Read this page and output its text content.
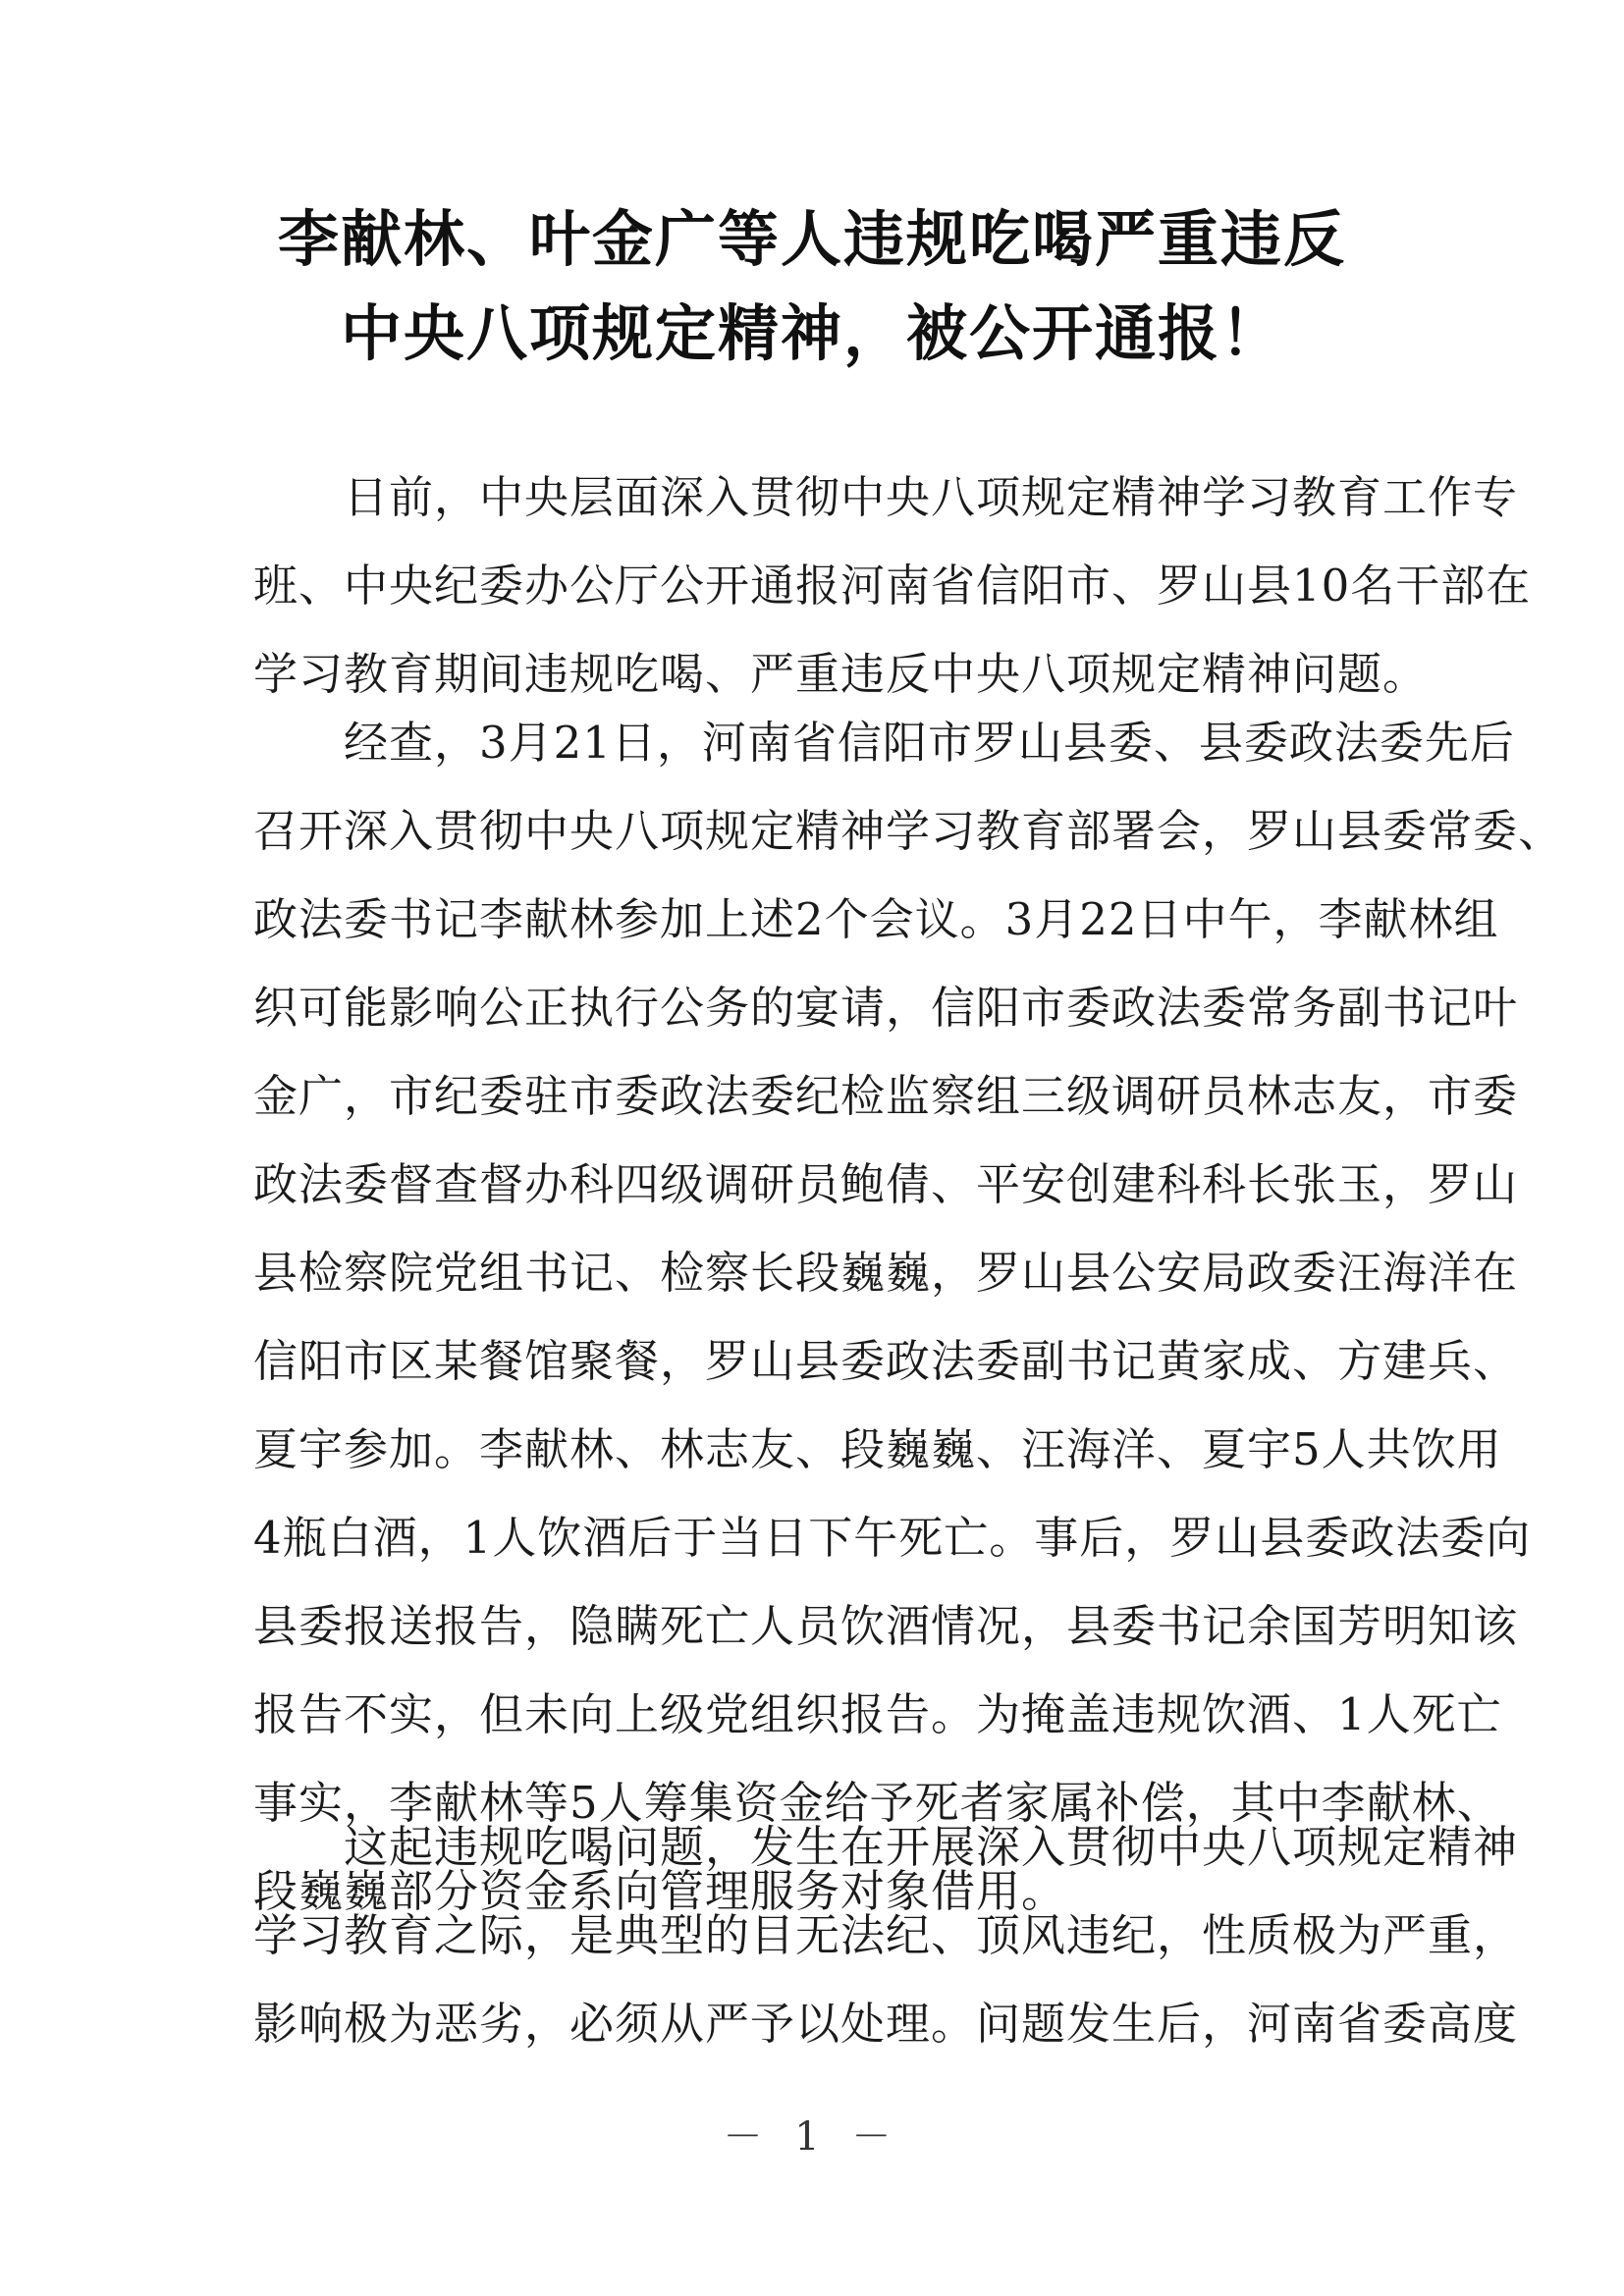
李献林、叶金广等人违规吃喝严重违反
中央八项规定精神，被公开通报！
　　日前，中央层面深入贯彻中央八项规定精神学习教育工作专
班、中央纪委办公厅公开通报河南省信阳市、罗山县10名干部在
学习教育期间违规吃喝、严重违反中央八项规定精神问题。
　　经查，3月21日，河南省信阳市罗山县委、县委政法委先后
召开深入贯彻中央八项规定精神学习教育部署会，罗山县委常委、
政法委书记李献林参加上述2个会议。3月22日中午，李献林组
织可能影响公正执行公务的宴请，信阳市委政法委常务副书记叶
金广，市纪委驻市委政法委纪检监察组三级调研员林志友，市委
政法委督查督办科四级调研员鲍倩、平安创建科科长张玉，罗山
县检察院党组书记、检察长段巍巍，罗山县公安局政委汪海洋在
信阳市区某餐馆聚餐，罗山县委政法委副书记黄家成、方建兵、
夏宇参加。李献林、林志友、段巍巍、汪海洋、夏宇5人共饮用
4瓶白酒，1人饮酒后于当日下午死亡。事后，罗山县委政法委向
县委报送报告，隐瞒死亡人员饮酒情况，县委书记余国芳明知该
报告不实，但未向上级党组织报告。为掩盖违规饮酒、1人死亡
事实，李献林等5人筹集资金给予死者家属补偿，其中李献林、
段巍巍部分资金系向管理服务对象借用。
　　这起违规吃喝问题，发生在开展深入贯彻中央八项规定精神
学习教育之际，是典型的目无法纪、顶风违纪，性质极为严重，
影响极为恶劣，必须从严予以处理。问题发生后，河南省委高度
－ 1 －
